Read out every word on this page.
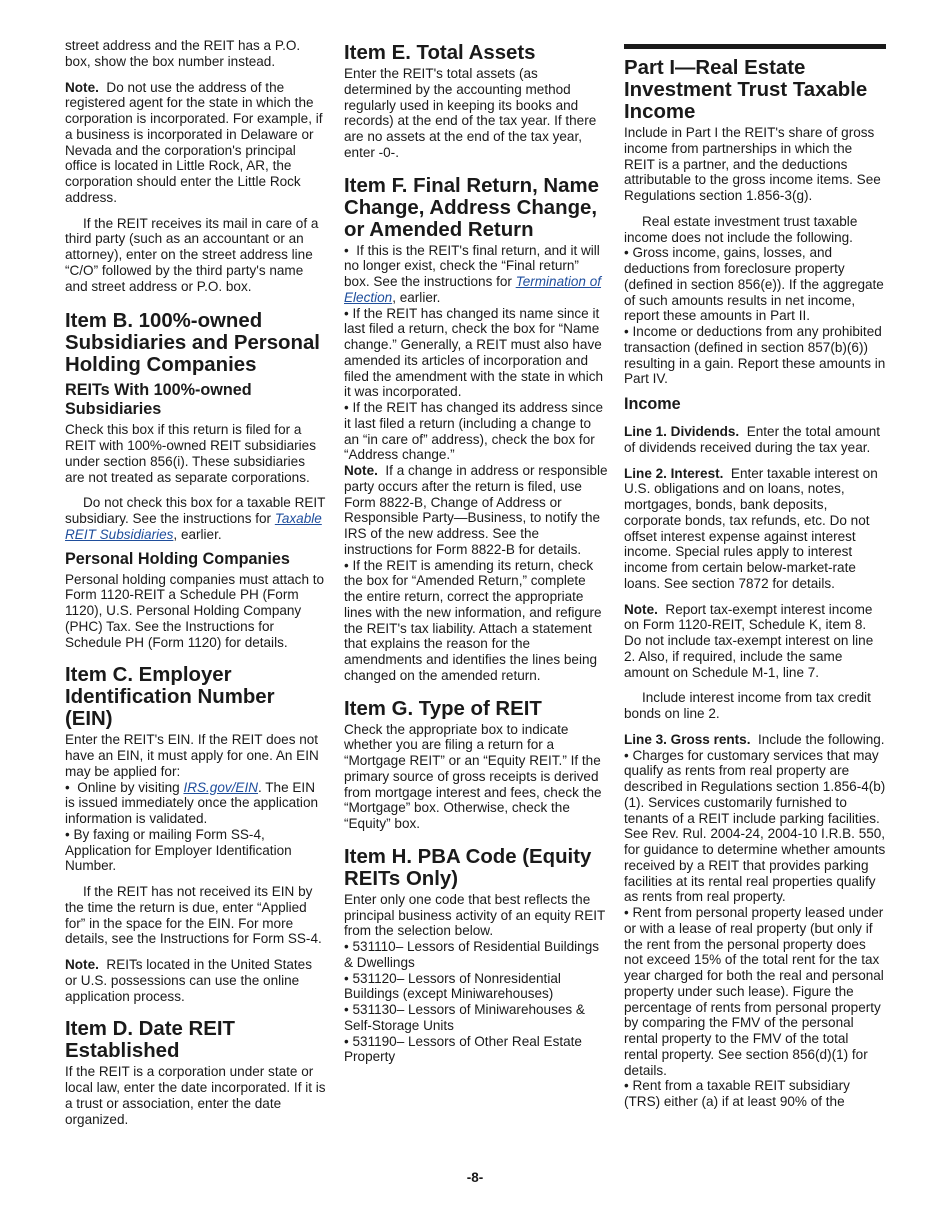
street address and the REIT has a P.O. box, show the box number instead.

Note. Do not use the address of the registered agent for the state in which the corporation is incorporated. For example, if a business is incorporated in Delaware or Nevada and the corporation's principal office is located in Little Rock, AR, the corporation should enter the Little Rock address.

If the REIT receives its mail in care of a third party (such as an accountant or an attorney), enter on the street address line “C/O” followed by the third party's name and street address or P.O. box.

Item B. 100%-owned Subsidiaries and Personal Holding Companies
REITs With 100%-owned Subsidiaries

Check this box if this return is filed for a REIT with 100%-owned REIT subsidiaries under section 856(i). These subsidiaries are not treated as separate corporations.

Do not check this box for a taxable REIT subsidiary. See the instructions for Taxable REIT Subsidiaries, earlier.

Personal Holding Companies

Personal holding companies must attach to Form 1120-REIT a Schedule PH (Form 1120), U.S. Personal Holding Company (PHC) Tax. See the Instructions for Schedule PH (Form 1120) for details.

Item C. Employer Identification Number (EIN)

Enter the REIT's EIN. If the REIT does not have an EIN, it must apply for one. An EIN may be applied for:

• Online by visiting IRS.gov/EIN. The EIN is issued immediately once the application information is validated.

• By faxing or mailing Form SS-4, Application for Employer Identification Number.

If the REIT has not received its EIN by the time the return is due, enter “Applied for” in the space for the EIN. For more details, see the Instructions for Form SS-4.

Note. REITs located in the United States or U.S. possessions can use the online application process.

Item D. Date REIT Established

If the REIT is a corporation under state or local law, enter the date incorporated. If it is a trust or association, enter the date organized.

Item E. Total Assets

Enter the REIT's total assets (as determined by the accounting method regularly used in keeping its books and records) at the end of the tax year. If there are no assets at the end of the tax year, enter -0-.

Item F. Final Return, Name Change, Address Change, or Amended Return

• If this is the REIT's final return, and it will no longer exist, check the “Final return” box. See the instructions for Termination of Election, earlier.

• If the REIT has changed its name since it last filed a return, check the box for “Name change.” Generally, a REIT must also have amended its articles of incorporation and filed the amendment with the state in which it was incorporated.

• If the REIT has changed its address since it last filed a return (including a change to an “in care of” address), check the box for “Address change.”

Note. If a change in address or responsible party occurs after the return is filed, use Form 8822-B, Change of Address or Responsible Party—Business, to notify the IRS of the new address. See the instructions for Form 8822-B for details.

• If the REIT is amending its return, check the box for “Amended Return,” complete the entire return, correct the appropriate lines with the new information, and refigure the REIT's tax liability. Attach a statement that explains the reason for the amendments and identifies the lines being changed on the amended return.

Item G. Type of REIT

Check the appropriate box to indicate whether you are filing a return for a “Mortgage REIT” or an “Equity REIT.” If the primary source of gross receipts is derived from mortgage interest and fees, check the “Mortgage” box. Otherwise, check the “Equity” box.

Item H. PBA Code (Equity REITs Only)

Enter only one code that best reflects the principal business activity of an equity REIT from the selection below.

• 531110– Lessors of Residential Buildings & Dwellings

• 531120– Lessors of Nonresidential Buildings (except Miniwarehouses)

• 531130– Lessors of Miniwarehouses & Self-Storage Units

• 531190– Lessors of Other Real Estate Property

Part I—Real Estate Investment Trust Taxable Income

Include in Part I the REIT's share of gross income from partnerships in which the REIT is a partner, and the deductions attributable to the gross income items. See Regulations section 1.856-3(g).

Real estate investment trust taxable income does not include the following.

• Gross income, gains, losses, and deductions from foreclosure property (defined in section 856(e)). If the aggregate of such amounts results in net income, report these amounts in Part II.

• Income or deductions from any prohibited transaction (defined in section 857(b)(6)) resulting in a gain. Report these amounts in Part IV.

Income

Line 1. Dividends. Enter the total amount of dividends received during the tax year.

Line 2. Interest. Enter taxable interest on U.S. obligations and on loans, notes, mortgages, bonds, bank deposits, corporate bonds, tax refunds, etc. Do not offset interest expense against interest income. Special rules apply to interest income from certain below-market-rate loans. See section 7872 for details.

Note. Report tax-exempt interest income on Form 1120-REIT, Schedule K, item 8. Do not include tax-exempt interest on line 2. Also, if required, include the same amount on Schedule M-1, line 7.

Include interest income from tax credit bonds on line 2.

Line 3. Gross rents. Include the following.

• Charges for customary services that may qualify as rents from real property are described in Regulations section 1.856-4(b)(1). Services customarily furnished to tenants of a REIT include parking facilities. See Rev. Rul. 2004-24, 2004-10 I.R.B. 550, for guidance to determine whether amounts received by a REIT that provides parking facilities at its rental real properties qualify as rents from real property.

• Rent from personal property leased under or with a lease of real property (but only if the rent from the personal property does not exceed 15% of the total rent for the tax year charged for both the real and personal property under such lease). Figure the percentage of rents from personal property by comparing the FMV of the personal rental property to the FMV of the total rental property. See section 856(d)(1) for details.

• Rent from a taxable REIT subsidiary (TRS) either (a) if at least 90% of the

-8-
